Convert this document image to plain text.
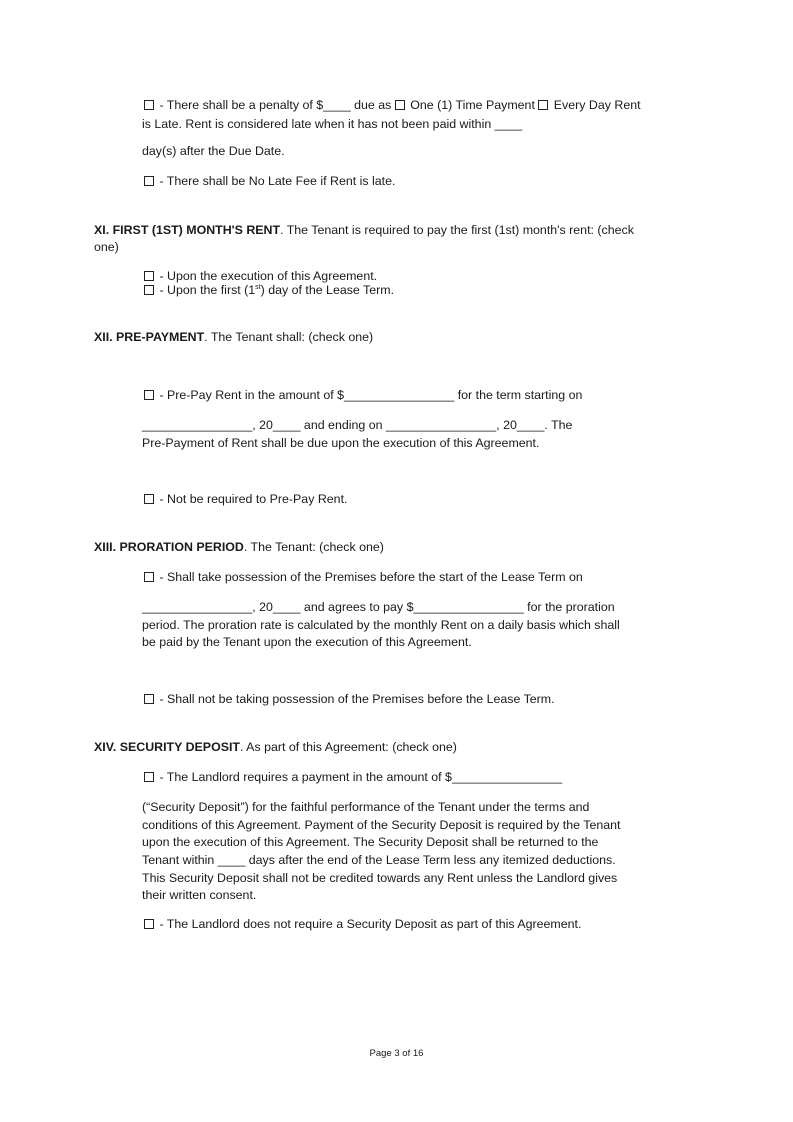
- There shall be a penalty of $____ due as  One (1) Time Payment  Every Day Rent
is Late. Rent is considered late when it has not been paid within ____
day(s) after the Due Date.
- There shall be No Late Fee if Rent is late.
XI. FIRST (1ST) MONTH'S RENT. The Tenant is required to pay the first (1st) month's rent: (check
one)
- Upon the execution of this Agreement.
- Upon the first (1st) day of the Lease Term.
XII. PRE-PAYMENT. The Tenant shall: (check one)
- Pre-Pay Rent in the amount of $________________ for the term starting on
________________, 20____ and ending on ________________, 20____. The
Pre-Payment of Rent shall be due upon the execution of this Agreement.
- Not be required to Pre-Pay Rent.
XIII. PRORATION PERIOD. The Tenant: (check one)
- Shall take possession of the Premises before the start of the Lease Term on
________________, 20____ and agrees to pay $________________ for the proration
period. The proration rate is calculated by the monthly Rent on a daily basis which shall
be paid by the Tenant upon the execution of this Agreement.
- Shall not be taking possession of the Premises before the Lease Term.
XIV. SECURITY DEPOSIT. As part of this Agreement: (check one)
- The Landlord requires a payment in the amount of $________________
(“Security Deposit”) for the faithful performance of the Tenant under the terms and
conditions of this Agreement. Payment of the Security Deposit is required by the Tenant
upon the execution of this Agreement. The Security Deposit shall be returned to the
Tenant within ____ days after the end of the Lease Term less any itemized deductions.
This Security Deposit shall not be credited towards any Rent unless the Landlord gives
their written consent.
- The Landlord does not require a Security Deposit as part of this Agreement.
Page 3 of 16
